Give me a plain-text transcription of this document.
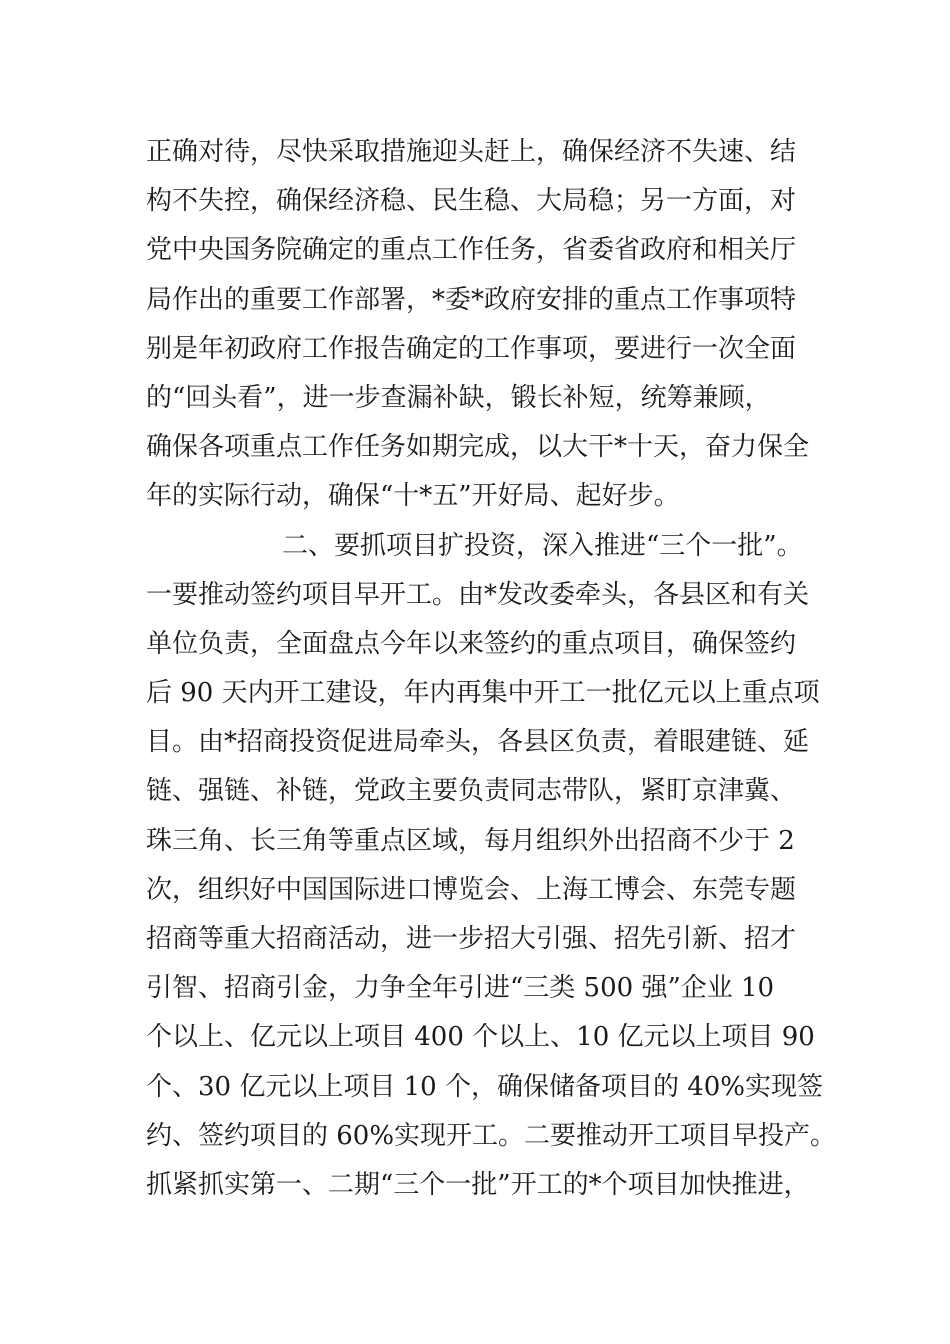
正确对待，尽快采取措施迎头赶上，确保经济不失速、结
构不失控，确保经济稳、民生稳、大局稳；另一方面，对
党中央国务院确定的重点工作任务，省委省政府和相关厅
局作出的重要工作部署，*委*政府安排的重点工作事项特
别是年初政府工作报告确定的工作事项，要进行一次全面
的“回头看”，进一步查漏补缺，锻长补短，统筹兼顾，
确保各项重点工作任务如期完成，以大干*十天，奋力保全
年的实际行动，确保“十*五”开好局、起好步。
二、要抓项目扩投资，深入推进“三个一批”。
一要推动签约项目早开工。由*发改委牵头，各县区和有关
单位负责，全面盘点今年以来签约的重点项目，确保签约
后 90 天内开工建设，年内再集中开工一批亿元以上重点项
目。由*招商投资促进局牵头，各县区负责，着眼建链、延
链、强链、补链，党政主要负责同志带队，紧盯京津冀、
珠三角、长三角等重点区域，每月组织外出招商不少于 2
次，组织好中国国际进口博览会、上海工博会、东莞专题
招商等重大招商活动，进一步招大引强、招先引新、招才
引智、招商引金，力争全年引进“三类 500 强”企业 10
个以上、亿元以上项目 400 个以上、10 亿元以上项目 90
个、30 亿元以上项目 10 个，确保储备项目的 40%实现签
约、签约项目的 60%实现开工。二要推动开工项目早投产。
抓紧抓实第一、二期“三个一批”开工的*个项目加快推进，
